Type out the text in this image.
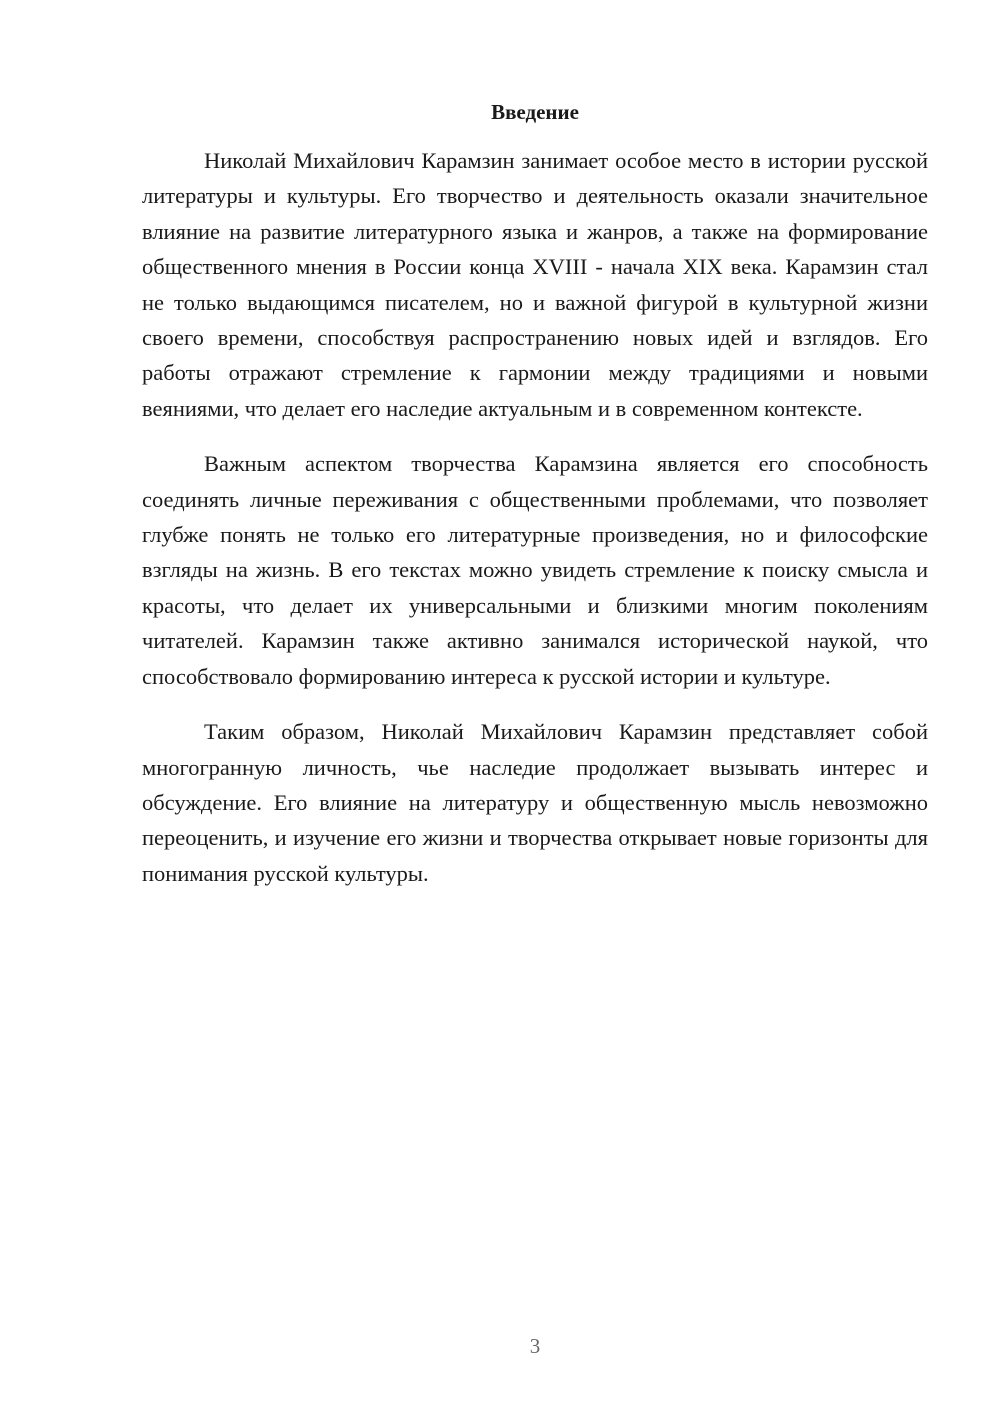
Введение

Николай Михайлович Карамзин занимает особое место в истории русской литературы и культуры. Его творчество и деятельность оказали значительное влияние на развитие литературного языка и жанров, а также на формирование общественного мнения в России конца XVIII - начала XIX века. Карамзин стал не только выдающимся писателем, но и важной фигурой в культурной жизни своего времени, способствуя распространению новых идей и взглядов. Его работы отражают стремление к гармонии между традициями и новыми веяниями, что делает его наследие актуальным и в современном контексте.

Важным аспектом творчества Карамзина является его способность соединять личные переживания с общественными проблемами, что позволяет глубже понять не только его литературные произведения, но и философские взгляды на жизнь. В его текстах можно увидеть стремление к поиску смысла и красоты, что делает их универсальными и близкими многим поколениям читателей. Карамзин также активно занимался исторической наукой, что способствовало формированию интереса к русской истории и культуре.

Таким образом, Николай Михайлович Карамзин представляет собой многогранную личность, чье наследие продолжает вызывать интерес и обсуждение. Его влияние на литературу и общественную мысль невозможно переоценить, и изучение его жизни и творчества открывает новые горизонты для понимания русской культуры.

3
